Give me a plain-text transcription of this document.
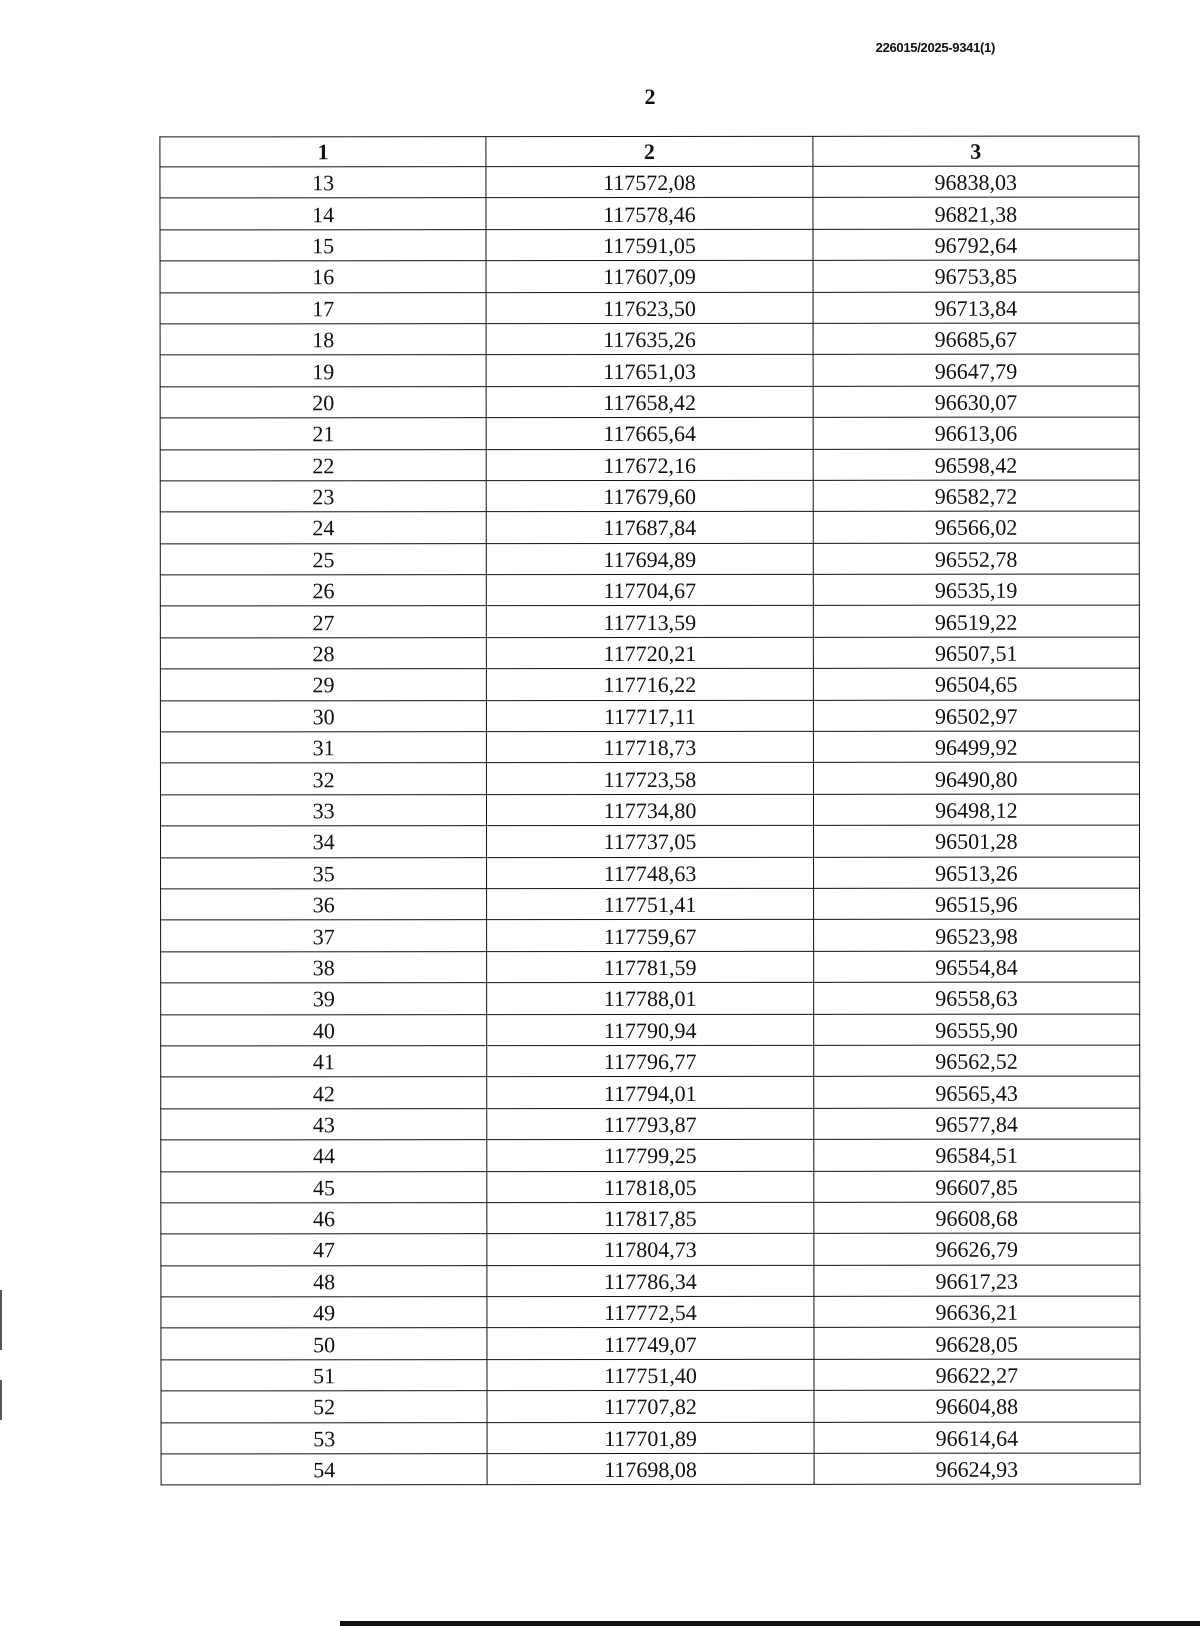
226015/2025-9341(1)
2
1	2	3
13	117572,08	96838,03
14	117578,46	96821,38
15	117591,05	96792,64
16	117607,09	96753,85
17	117623,50	96713,84
18	117635,26	96685,67
19	117651,03	96647,79
20	117658,42	96630,07
21	117665,64	96613,06
22	117672,16	96598,42
23	117679,60	96582,72
24	117687,84	96566,02
25	117694,89	96552,78
26	117704,67	96535,19
27	117713,59	96519,22
28	117720,21	96507,51
29	117716,22	96504,65
30	117717,11	96502,97
31	117718,73	96499,92
32	117723,58	96490,80
33	117734,80	96498,12
34	117737,05	96501,28
35	117748,63	96513,26
36	117751,41	96515,96
37	117759,67	96523,98
38	117781,59	96554,84
39	117788,01	96558,63
40	117790,94	96555,90
41	117796,77	96562,52
42	117794,01	96565,43
43	117793,87	96577,84
44	117799,25	96584,51
45	117818,05	96607,85
46	117817,85	96608,68
47	117804,73	96626,79
48	117786,34	96617,23
49	117772,54	96636,21
50	117749,07	96628,05
51	117751,40	96622,27
52	117707,82	96604,88
53	117701,89	96614,64
54	117698,08	96624,93
